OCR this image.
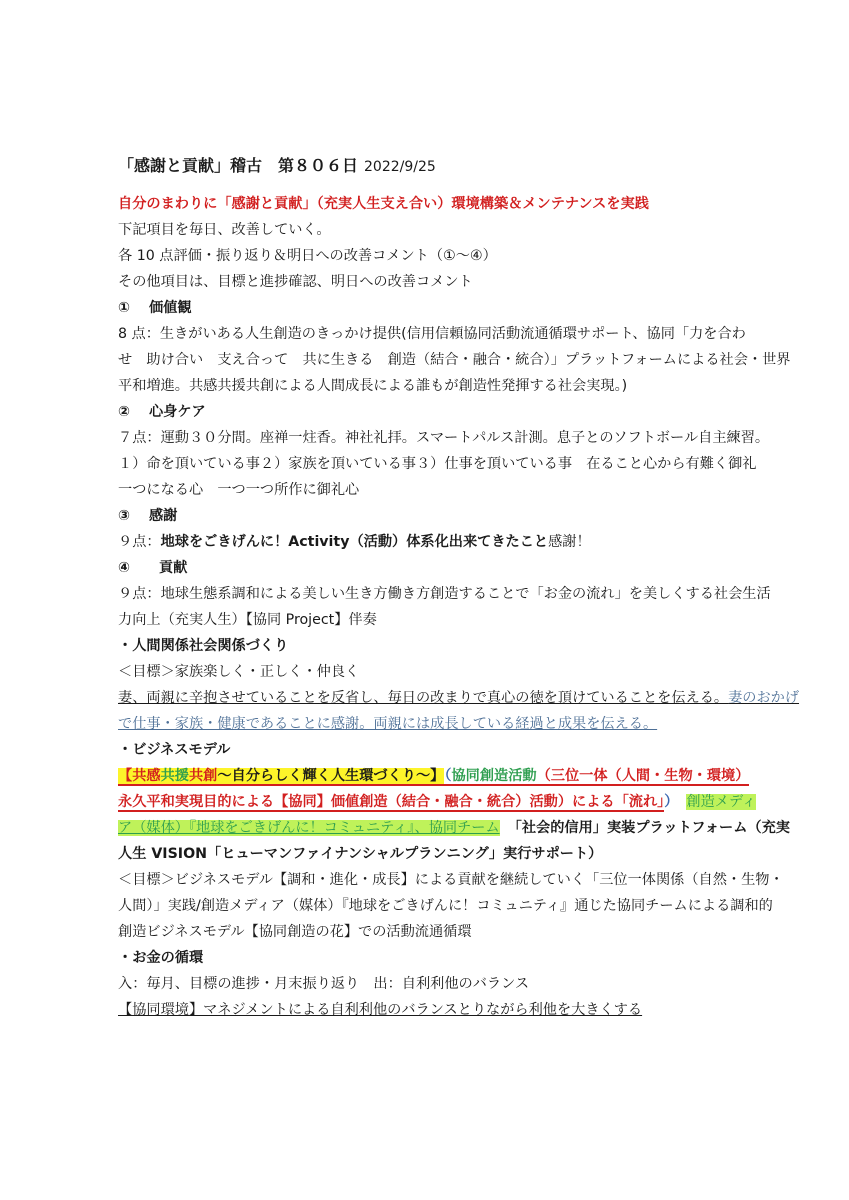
「感謝と貢献」稽古　第８０６日 2022/9/25
自分のまわりに「感謝と貢献」（充実人生支え合い）環境構築＆メンテナンスを実践
下記項目を毎日、改善していく。
各 10 点評価・振り返り＆明日への改善コメント（①～④）
その他項目は、目標と進捗確認、明日への改善コメント
① 価値観
8 点：生きがいある人生創造のきっかけ提供(信用信頼協同活動流通循環サポート、協同「力を合わ
せ　助け合い　支え合って　共に生きる　創造（結合・融合・統合）」プラットフォームによる社会・世界
平和増進。共感共援共創による人間成長による誰もが創造性発揮する社会実現。)
② 心身ケア
７点：運動３０分間。座禅一炷香。神社礼拝。スマートパルス計測。息子とのソフトボール自主練習。
１）命を頂いている事２）家族を頂いている事３）仕事を頂いている事　在ること心から有難く御礼
一つになる心　一つ一つ所作に御礼心
③ 感謝
９点：地球をごきげんに！Activity（活動）体系化出来てきたこと感謝！
④ 貢献
９点：地球生態系調和による美しい生き方働き方創造することで「お金の流れ」を美しくする社会生活
力向上（充実人生）【協同 Project】伴奏
・人間関係社会関係づくり
＜目標＞家族楽しく・正しく・仲良く
妻、両親に辛抱させていることを反省し、毎日の改まりで真心の徳を頂けていることを伝える。妻のおかげ
で仕事・家族・健康であることに感謝。両親には成長している経過と成果を伝える。
・ビジネスモデル
【共感共援共創～自分らしく輝く人生環づくり～】（協同創造活動（三位一体（人間・生物・環境）
永久平和実現目的による【協同】価値創造（結合・融合・統合）活動）による「流れ」） 創造メディ
ア（媒体）『地球をごきげんに！コミュニティ』、協同チーム 「社会的信用」実装プラットフォーム（充実
人生 VISION「ヒューマンファイナンシャルプランニング」実行サポート）
＜目標＞ビジネスモデル【調和・進化・成長】による貢献を継続していく「三位一体関係（自然・生物・
人間）」実践/創造メディア（媒体）『地球をごきげんに！コミュニティ』通じた協同チームによる調和的
創造ビジネスモデル【協同創造の花】での活動流通循環
・お金の循環
入：毎月、目標の進捗・月末振り返り　出：自利利他のバランス
【協同環境】マネジメントによる自利利他のバランスとりながら利他を大きくする
